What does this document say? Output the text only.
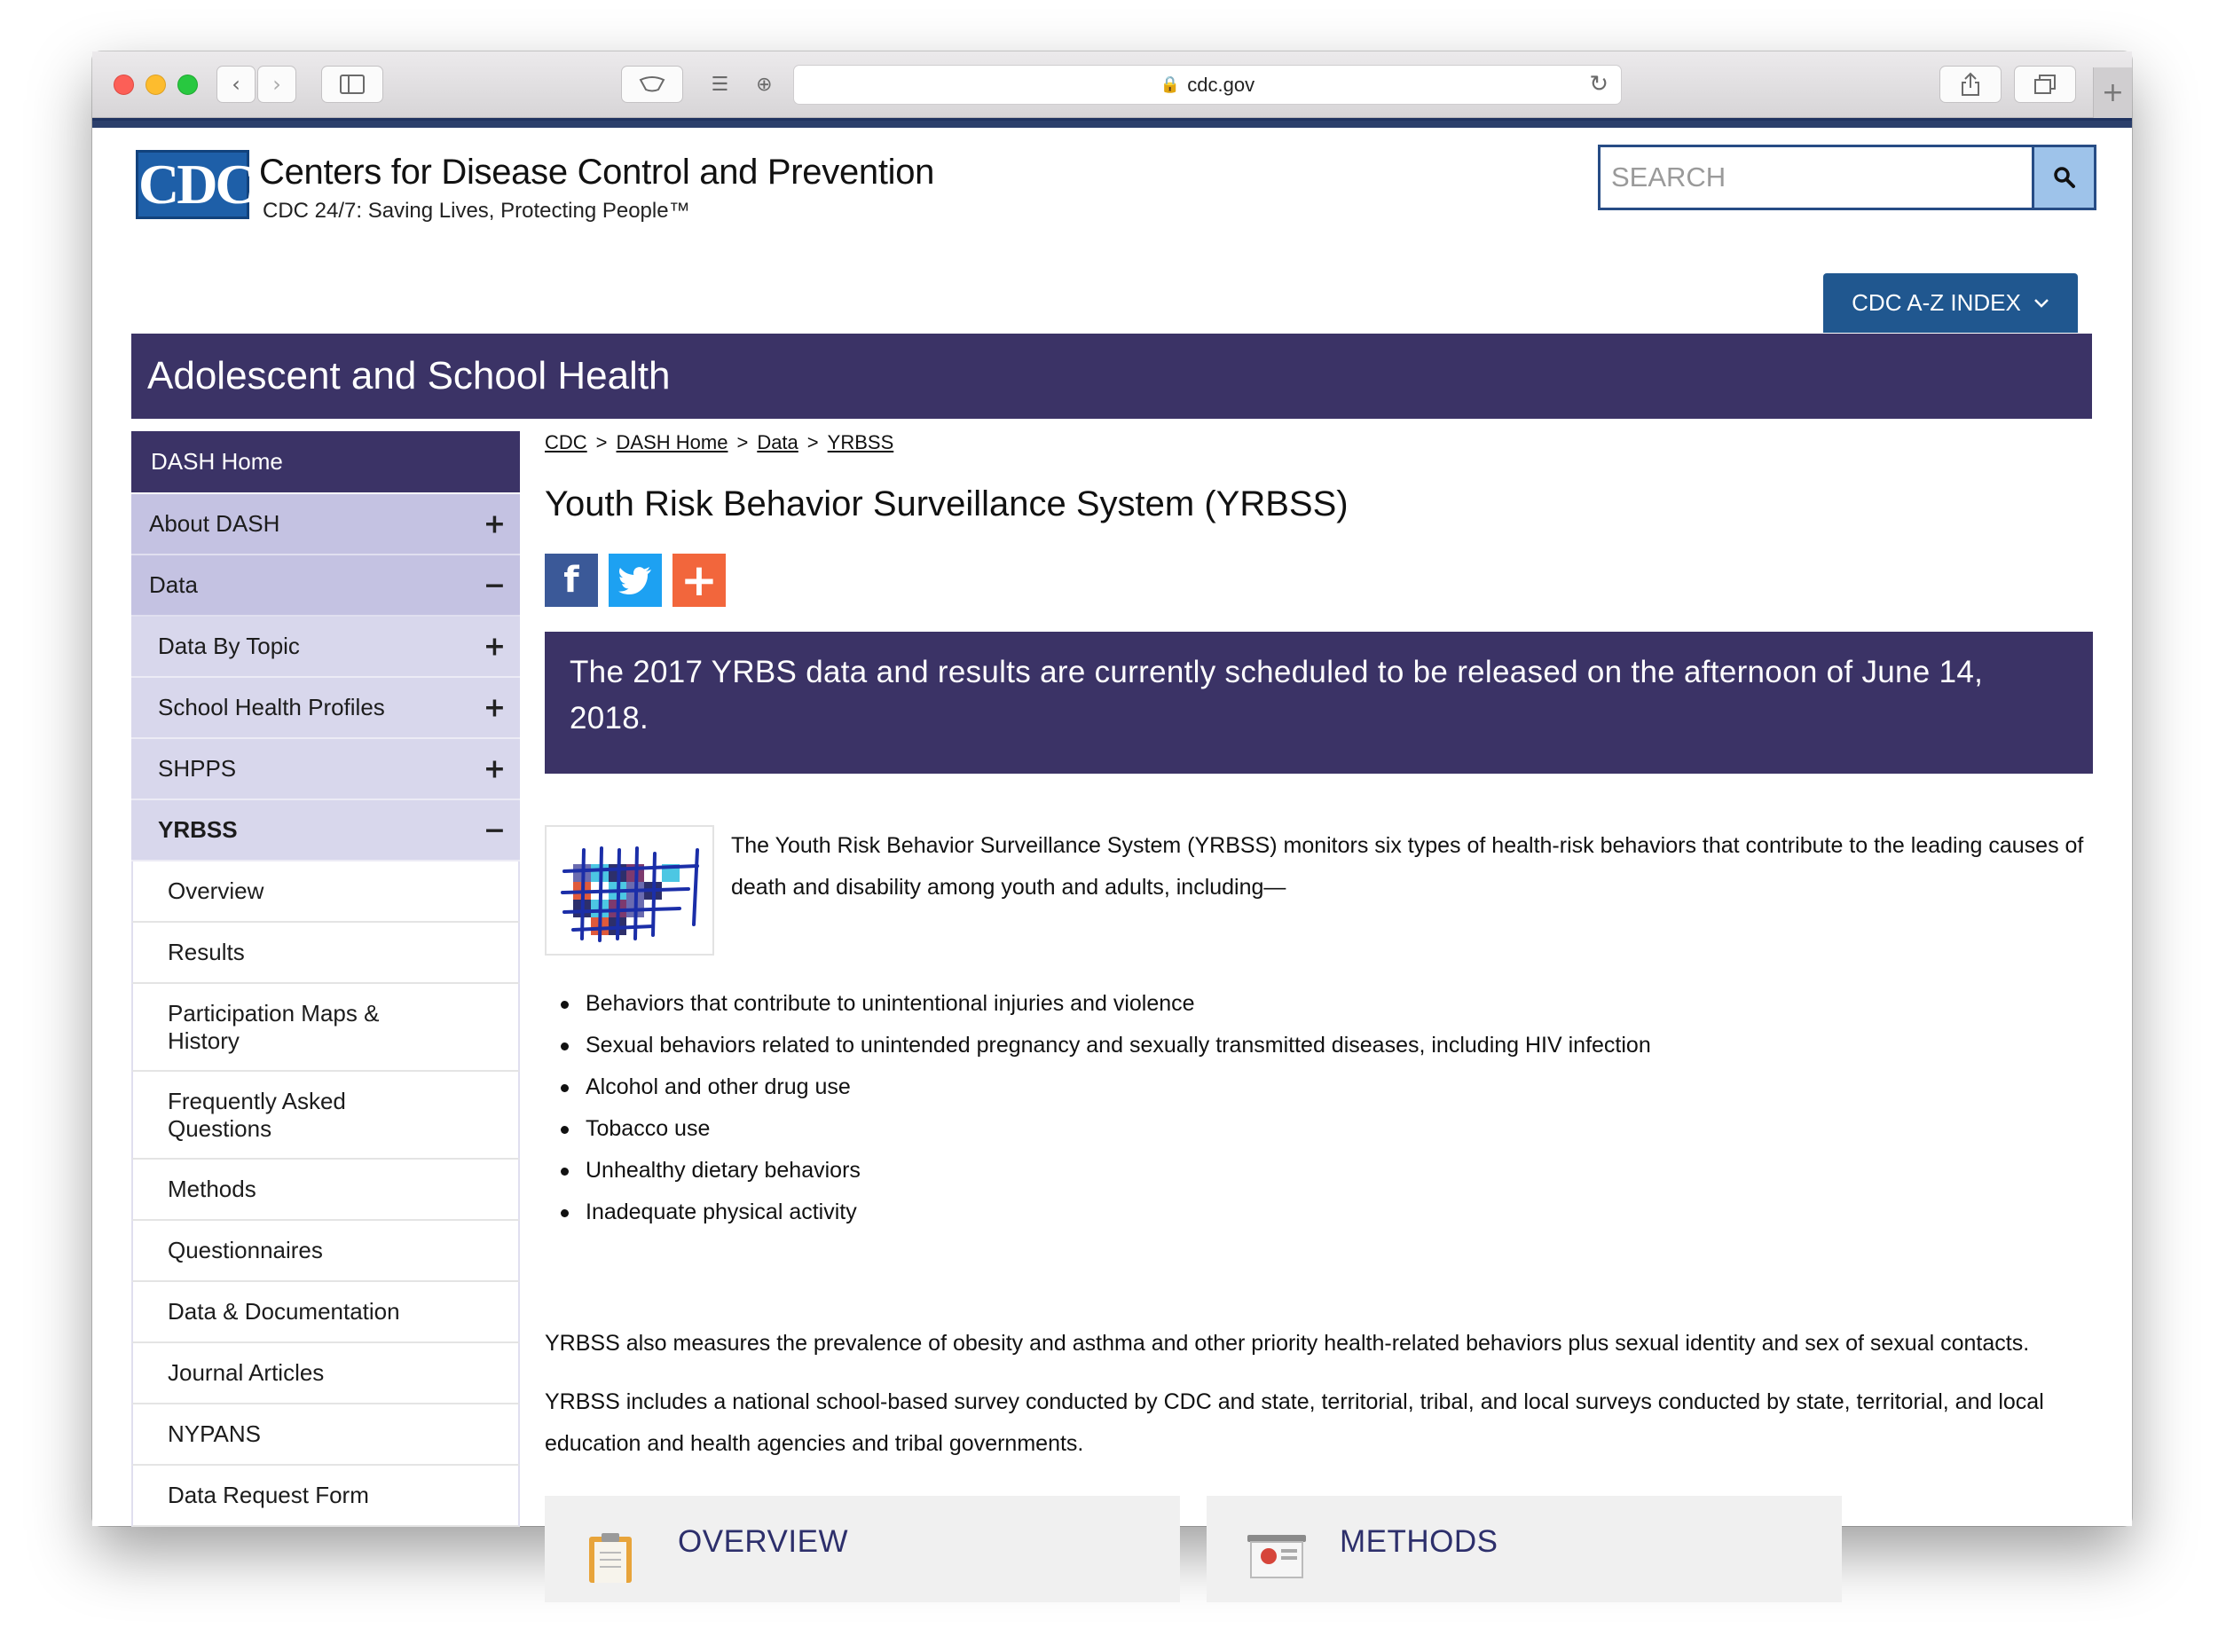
‹ ›	☰ ⊕	🔒 cdc.gov	↻	+
CDC Centers for Disease Control and Prevention
CDC 24/7: Saving Lives, Protecting People™
SEARCH
CDC A-Z INDEX
Adolescent and School Health
DASH Home
About DASH	+
Data	−
Data By Topic	+
School Health Profiles	+
SHPPS	+
YRBSS	−
Overview
Results
Participation Maps & History
Frequently Asked Questions
Methods
Questionnaires
Data & Documentation
Journal Articles
NYPANS
Data Request Form
CDC > DASH Home > Data > YRBSS
Youth Risk Behavior Surveillance System (YRBSS)
f +
The 2017 YRBS data and results are currently scheduled to be released on the afternoon of June 14, 2018.
The Youth Risk Behavior Surveillance System (YRBSS) monitors six types of health-risk behaviors that contribute to the leading causes of death and disability among youth and adults, including—
Behaviors that contribute to unintentional injuries and violence
Sexual behaviors related to unintended pregnancy and sexually transmitted diseases, including HIV infection
Alcohol and other drug use
Tobacco use
Unhealthy dietary behaviors
Inadequate physical activity
YRBSS also measures the prevalence of obesity and asthma and other priority health-related behaviors plus sexual identity and sex of sexual contacts.
YRBSS includes a national school-based survey conducted by CDC and state, territorial, tribal, and local surveys conducted by state, territorial, and local education and health agencies and tribal governments.
OVERVIEW	METHODS
